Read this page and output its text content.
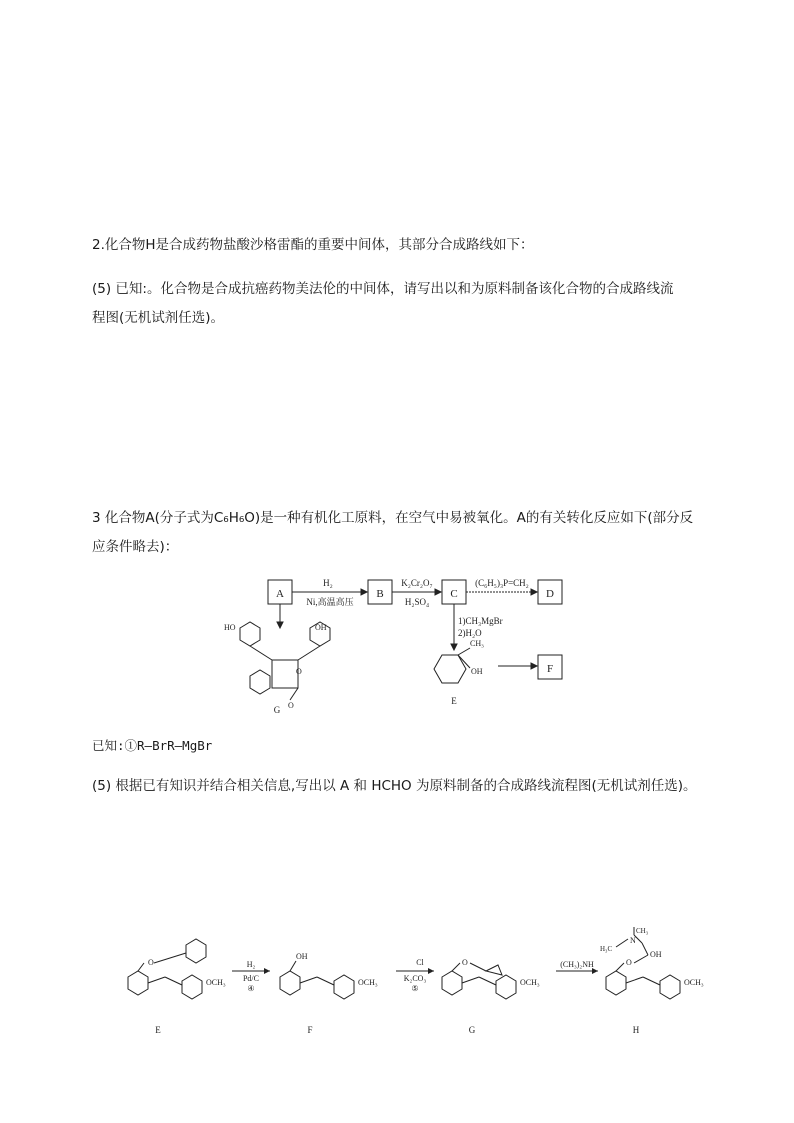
2.化合物H是合成药物盐酸沙格雷酯的重要中间体，其部分合成路线如下：
(5) 已知:。化合物是合成抗癌药物美法伦的中间体，请写出以和为原料制备该化合物的合成路线流
程图(无机试剂任选)。
3 化合物A(分子式为C₆H₆O)是一种有机化工原料，在空气中易被氧化。A的有关转化反应如下(部分反
应条件略去)：
A	B	C	D
F
H₂
Ni,高温高压
K₂Cr₂O₇
H₂SO₄
(C₆H₅)₃P=CH₂
1)CH₃MgBr
2)H₂O
CH₃
OH
E
HO	OH
O
O
G
已知:①R—BrR—MgBr
(5) 根据已有知识并结合相关信息,写出以 A 和 HCHO 为原料制备的合成路线流程图(无机试剂任选)。
O
OCH₃
OH
OCH₃
O
OCH₃
O
N
H₃C
CH₃
OH
OCH₃
H₂
Pd/C
④
Cl
K₂CO₃
⑤
(CH₃)₂NH
E	F	G	H
